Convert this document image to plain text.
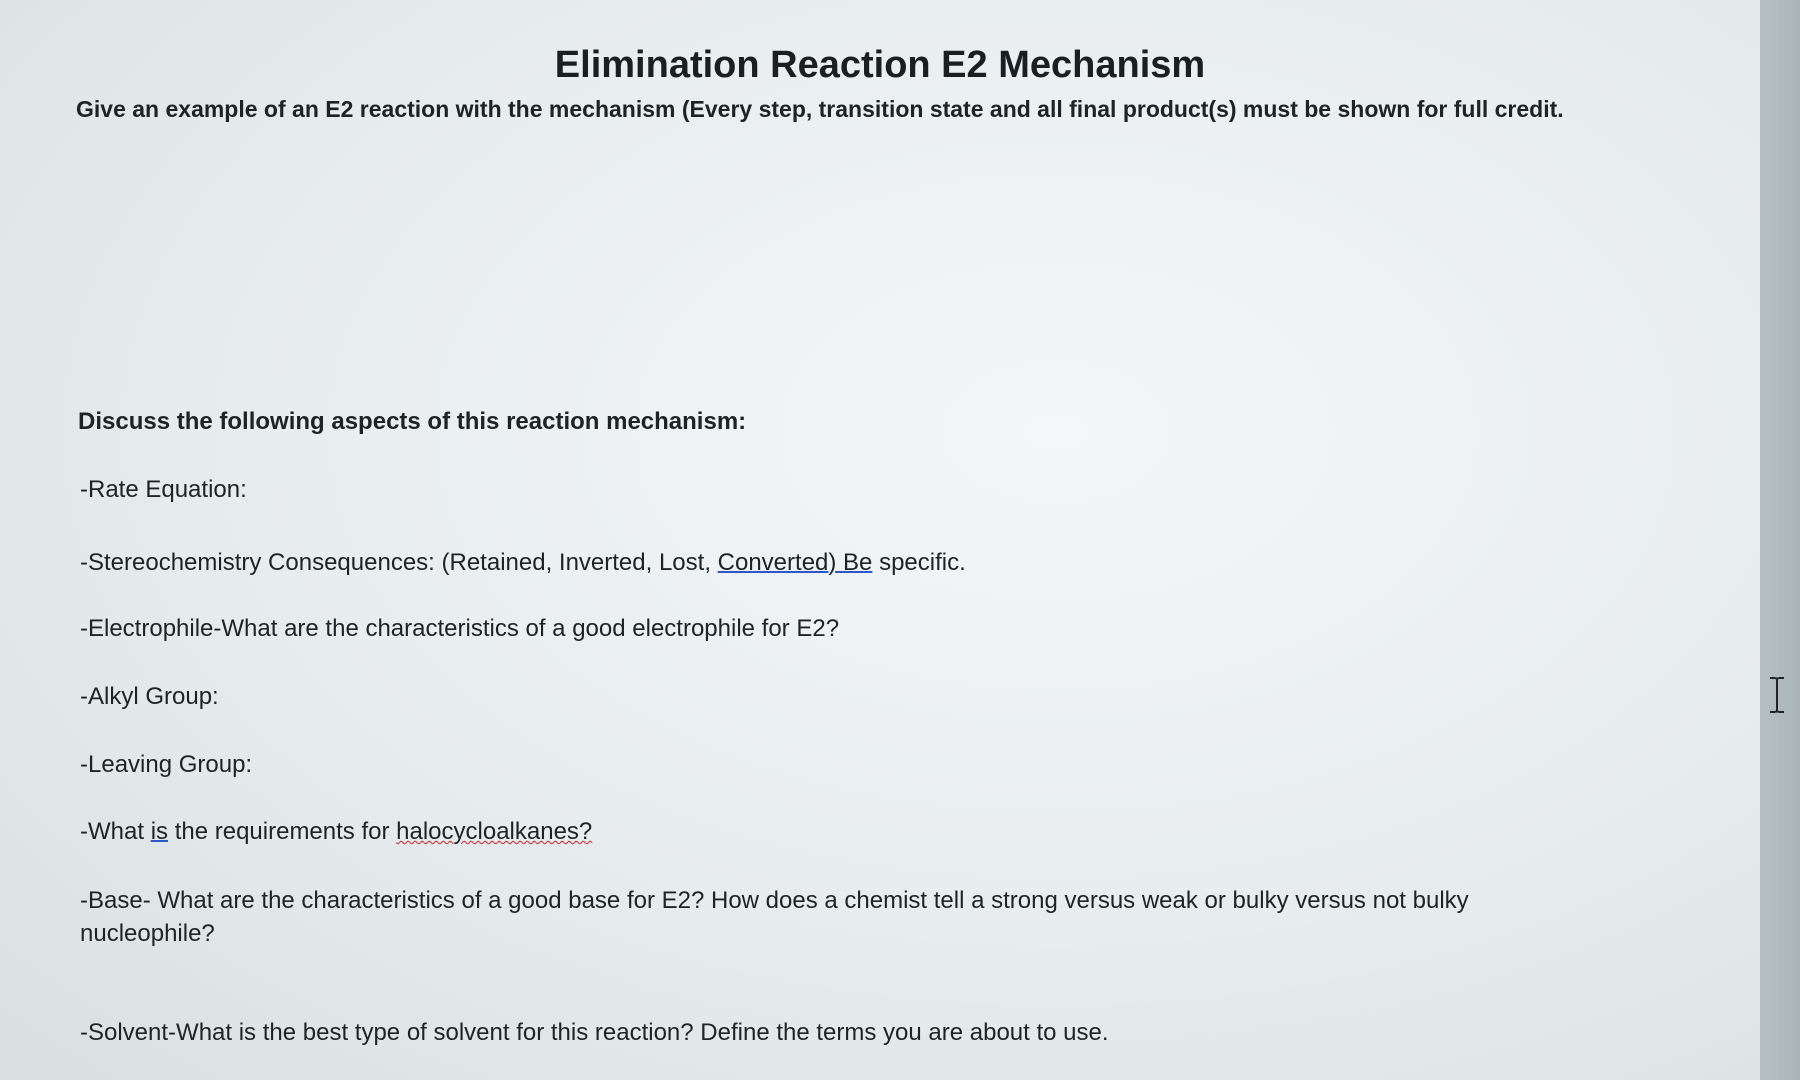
Elimination Reaction E2 Mechanism
Give an example of an E2 reaction with the mechanism (Every step, transition state and all final product(s) must be shown for full credit.
Discuss the following aspects of this reaction mechanism:
-Rate Equation:
-Stereochemistry Consequences: (Retained, Inverted, Lost, Converted) Be specific.
-Electrophile-What are the characteristics of a good electrophile for E2?
-Alkyl Group:
-Leaving Group:
-What is the requirements for halocycloalkanes?
-Base- What are the characteristics of a good base for E2? How does a chemist tell a strong versus weak or bulky versus not bulky nucleophile?
-Solvent-What is the best type of solvent for this reaction? Define the terms you are about to use.
